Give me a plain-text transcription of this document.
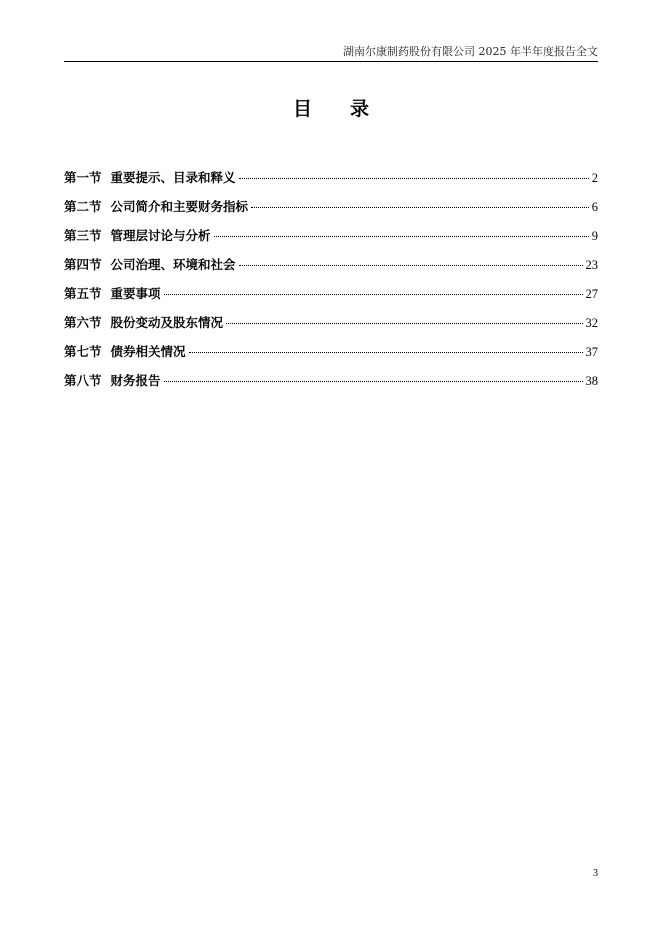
湖南尔康制药股份有限公司 2025 年半年度报告全文
目录
第一节 重要提示、目录和释义	2
第二节 公司简介和主要财务指标	6
第三节 管理层讨论与分析	9
第四节 公司治理、环境和社会	23
第五节 重要事项	27
第六节 股份变动及股东情况	32
第七节 债券相关情况	37
第八节 财务报告	38
3
